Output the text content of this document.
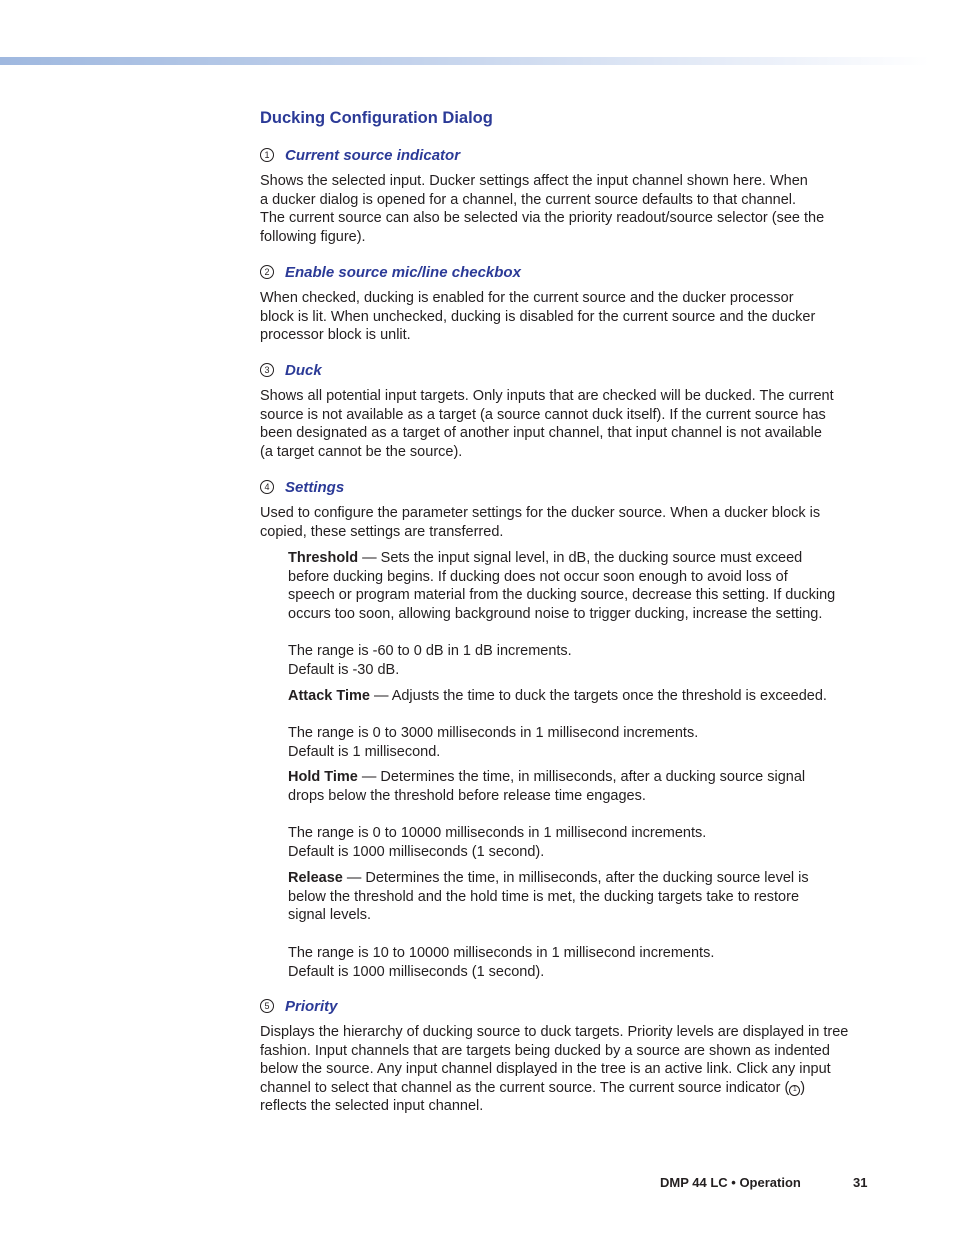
Ducking Configuration Dialog
1	Current source indicator

Shows the selected input. Ducker settings affect the input channel shown here. When
a ducker dialog is opened for a channel, the current source defaults to that channel.
The current source can also be selected via the priority readout/source selector (see the
following figure).

2	Enable source mic/line checkbox

When checked, ducking is enabled for the current source and the ducker processor
block is lit. When unchecked, ducking is disabled for the current source and the ducker
processor block is unlit.

3	Duck

Shows all potential input targets. Only inputs that are checked will be ducked. The current
source is not available as a target (a source cannot duck itself). If the current source has
been designated as a target of another input channel, that input channel is not available
(a target cannot be the source).

4	Settings

Used to configure the parameter settings for the ducker source. When a ducker block is
copied, these settings are transferred.

Threshold — Sets the input signal level, in dB, the ducking source must exceed
before ducking begins. If ducking does not occur soon enough to avoid loss of
speech or program material from the ducking source, decrease this setting. If ducking
occurs too soon, allowing background noise to trigger ducking, increase the setting.

The range is -60 to 0 dB in 1 dB increments.
Default is -30 dB.

Attack Time — Adjusts the time to duck the targets once the threshold is exceeded.

The range is 0 to 3000 milliseconds in 1 millisecond increments.
Default is 1 millisecond.

Hold Time — Determines the time, in milliseconds, after a ducking source signal
drops below the threshold before release time engages.

The range is 0 to 10000 milliseconds in 1 millisecond increments.
Default is 1000 milliseconds (1 second).

Release — Determines the time, in milliseconds, after the ducking source level is
below the threshold and the hold time is met, the ducking targets take to restore
signal levels.

The range is 10 to 10000 milliseconds in 1 millisecond increments.
Default is 1000 milliseconds (1 second).

5	Priority

Displays the hierarchy of ducking source to duck targets. Priority levels are displayed in tree
fashion. Input channels that are targets being ducked by a source are shown as indented
below the source. Any input channel displayed in the tree is an active link. Click any input
channel to select that channel as the current source. The current source indicator ( 1 )
reflects the selected input channel.

DMP 44 LC • Operation	31
